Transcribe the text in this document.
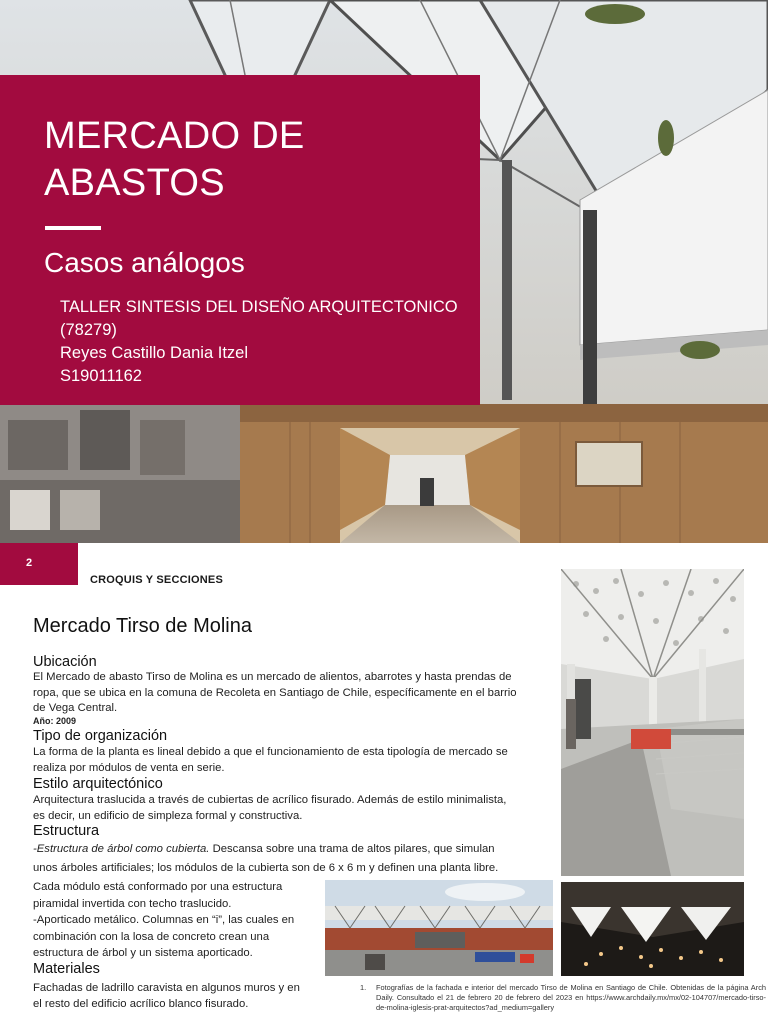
MERCADO DE
ABASTOS
Casos análogos
TALLER SINTESIS DEL DISEÑO ARQUITECTONICO
(78279)
Reyes Castillo Dania Itzel
S19011162
2
CROQUIS Y SECCIONES
Mercado Tirso de Molina
Ubicación
El Mercado de abasto Tirso de Molina es un mercado de alientos, abarrotes y hasta prendas de
ropa, que se ubica en la comuna de Recoleta en Santiago de Chile, específicamente en el barrio
de Vega Central.
Año: 2009
Tipo de organización
La forma de la planta es lineal debido a que el funcionamiento de esta tipología de mercado se
realiza por módulos de venta en serie.
Estilo arquitectónico
Arquitectura traslucida a través de cubiertas de acrílico fisurado. Además de estilo minimalista,
es decir, un edificio de simpleza formal y constructiva.
Estructura
-Estructura de árbol como cubierta. Descansa sobre una trama de altos pilares, que simulan
unos árboles artificiales; los módulos de la cubierta son de 6 x 6 m y definen una planta libre.
Cada módulo está conformado por una estructura
piramidal invertida con techo traslucido.
-Aporticado metálico. Columnas en “i”, las cuales en
combinación con la losa de concreto crean una
estructura de árbol y un sistema aporticado.
Materiales
Fachadas de ladrillo caravista en algunos muros y en
el resto del edificio acrílico blanco fisurado.
1. Fotografías de la fachada e interior del mercado Tirso de Molina en Santiago de Chile. Obtenidas de la página Arch Daily. Consultado el 21 de febrero 20 de febrero del 2023 en https://www.archdaily.mx/mx/02-104707/mercado-tirso-de-molina-iglesis-prat-arquitectos?ad_medium=gallery
